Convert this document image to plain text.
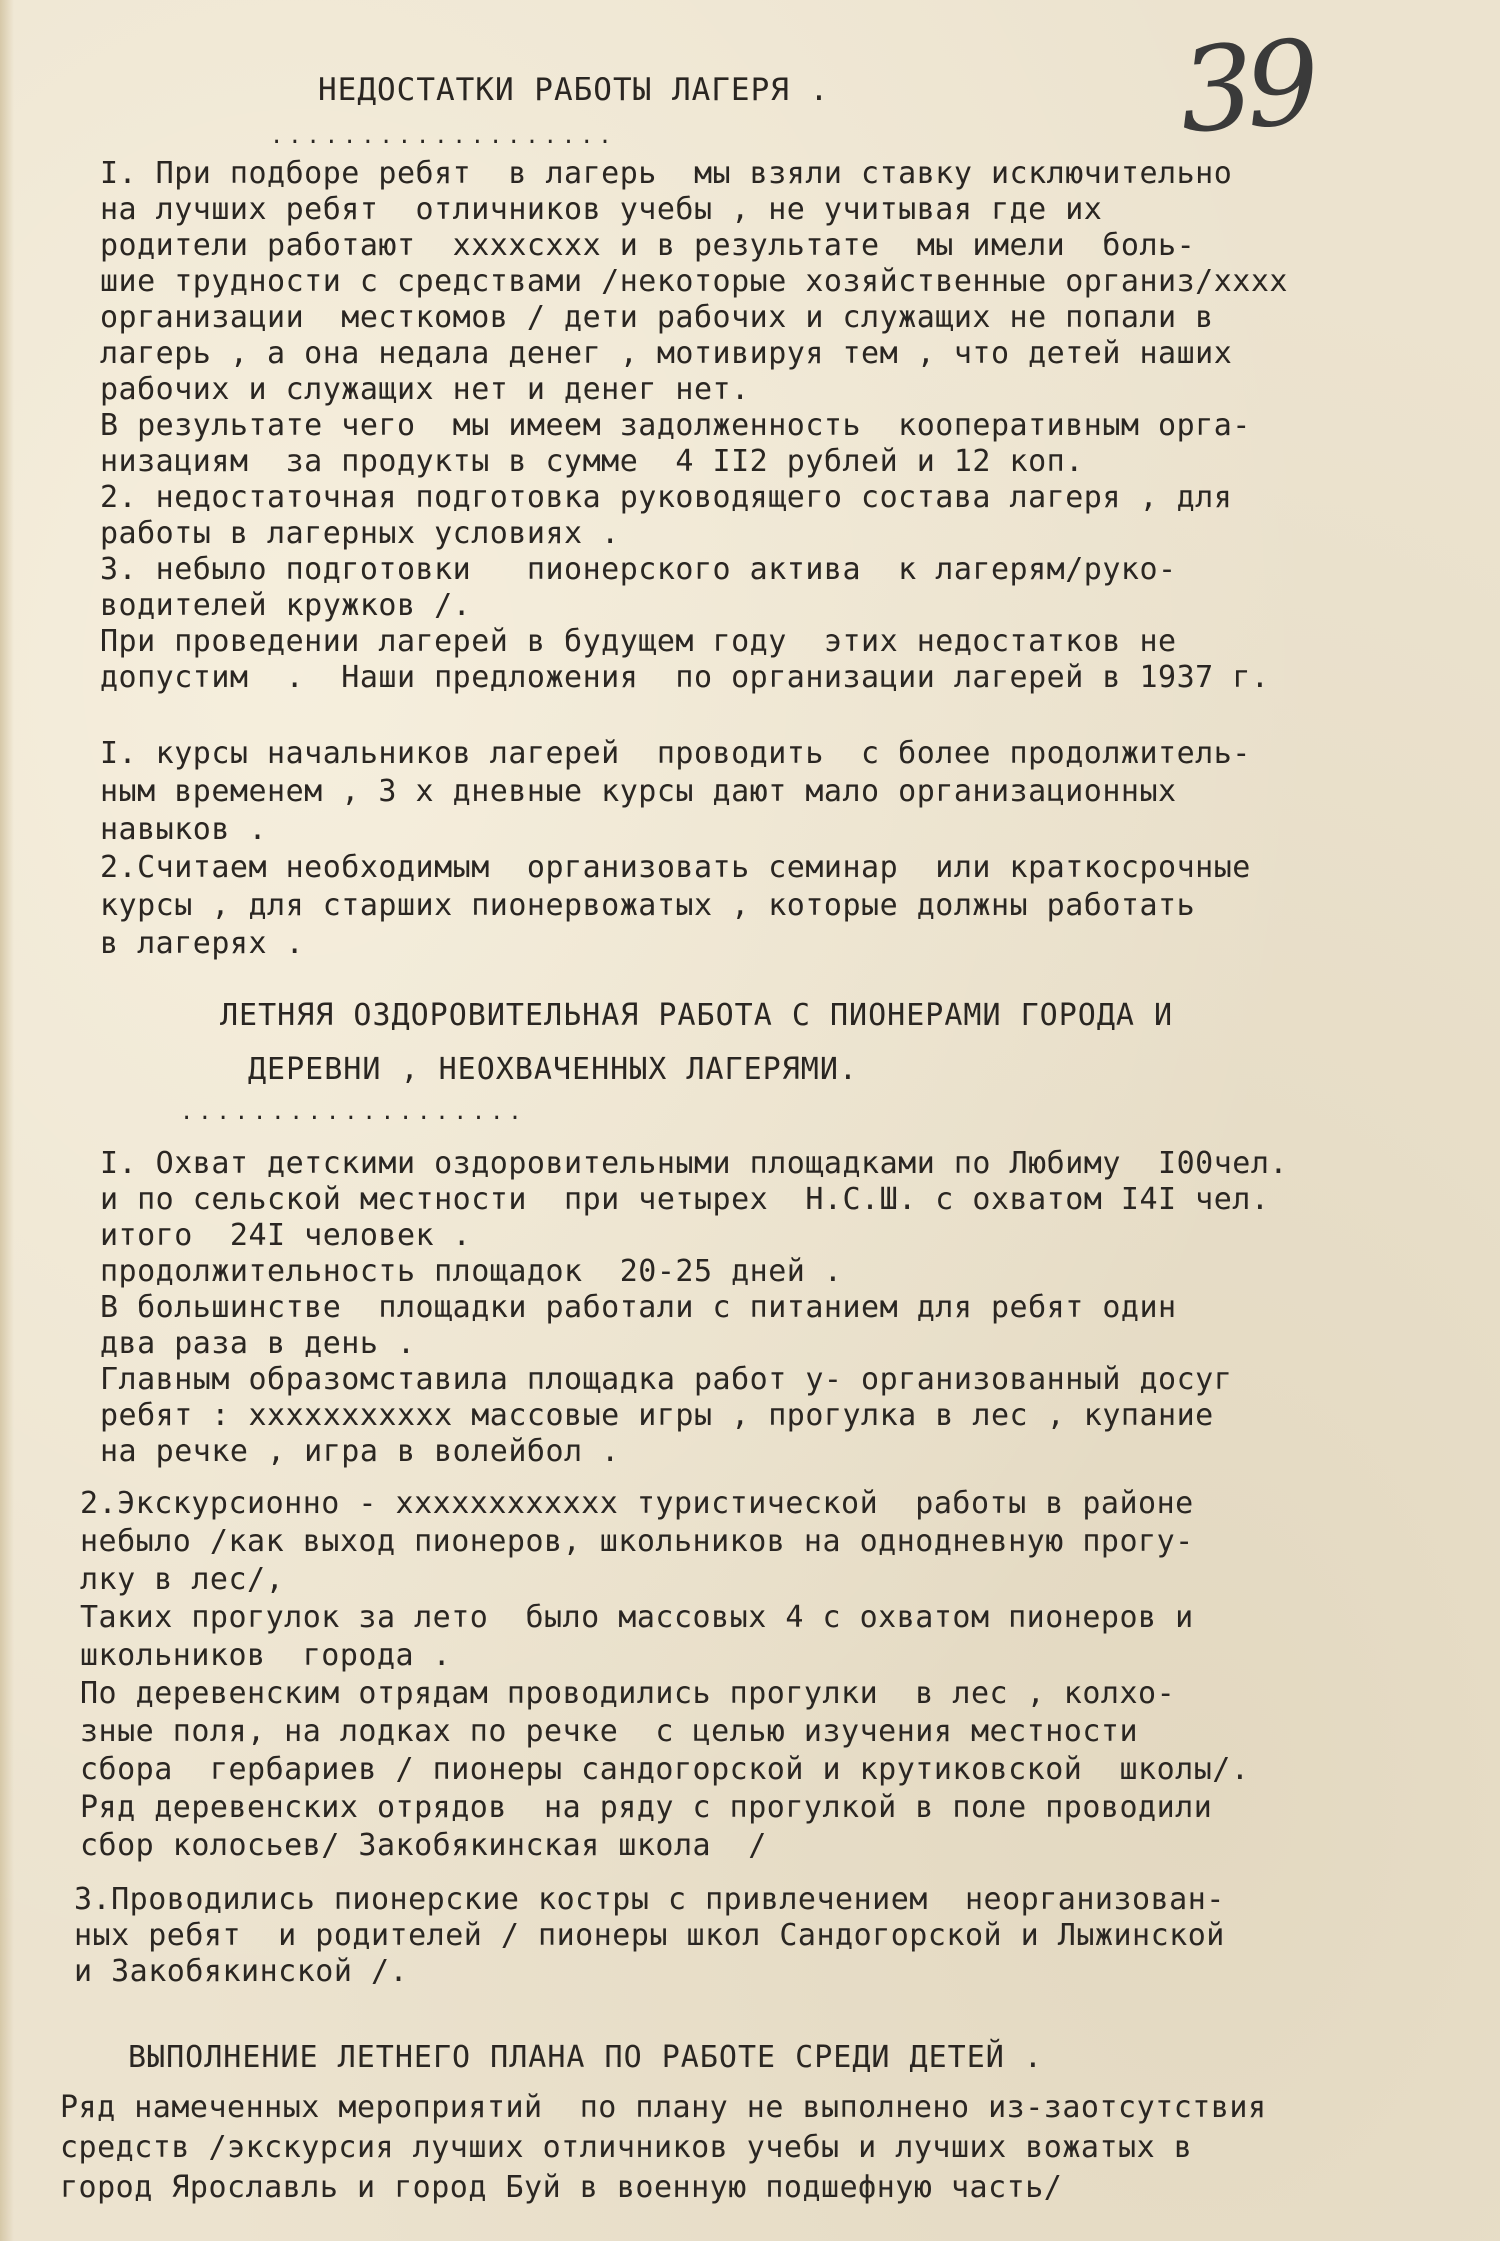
39
НЕДОСТАТКИ РАБОТЫ ЛАГЕРЯ .
...................
I. При подборе ребят  в лагерь  мы взяли ставку исключительно
на лучших ребят  отличников учебы , не учитывая где их
родители работают  ххххсххх и в результате  мы имели  боль-
шие трудности с средствами /некоторые хозяйственные организ/хххх
организации  месткомов / дети рабочих и служащих не попали в
лагерь , а она недала денег , мотивируя тем , что детей наших
рабочих и служащих нет и денег нет.
В результате чего  мы имеем задолженность  кооперативным орга-
низациям  за продукты в сумме  4 II2 рублей и 12 коп.
2. недостаточная подготовка руководящего состава лагеря , для
работы в лагерных условиях .
3. небыло подготовки   пионерского актива  к лагерям/руко-
водителей кружков /.
При проведении лагерей в будущем году  этих недостатков не
допустим  .  Наши предложения  по организации лагерей в 1937 г.
I. курсы начальников лагерей  проводить  с более продолжитель-
ным временем , 3 х дневные курсы дают мало организационных
навыков .
2.Считаем необходимым  организовать семинар  или краткосрочные
курсы , для старших пионервожатых , которые должны работать
в лагерях .
ЛЕТНЯЯ ОЗДОРОВИТЕЛЬНАЯ РАБОТА С ПИОНЕРАМИ ГОРОДА И
ДЕРЕВНИ , НЕОХВАЧЕННЫХ ЛАГЕРЯМИ.
...................
I. Охват детскими оздоровительными площадками по Любиму  I00чел.
и по сельской местности  при четырех  Н.С.Ш. с охватом I4I чел.
итого  24I человек .
продолжительность площадок  20-25 дней .
В большинстве  площадки работали с питанием для ребят один
два раза в день .
Главным образомставила площадка работ у- организованный досуг
ребят : ххххххххххх массовые игры , прогулка в лес , купание
на речке , игра в волейбол .
2.Экскурсионно - хххххххххххх туристической  работы в районе
небыло /как выход пионеров, школьников на однодневную прогу-
лку в лес/,
Таких прогулок за лето  было массовых 4 с охватом пионеров и
школьников  города .
По деревенским отрядам проводились прогулки  в лес , колхо-
зные поля, на лодках по речке  с целью изучения местности
сбора  гербариев / пионеры сандогорской и крутиковской  школы/.
Ряд деревенских отрядов  на ряду с прогулкой в поле проводили
сбор колосьев/ Закобякинская школа  /
3.Проводились пионерские костры с привлечением  неорганизован-
ных ребят  и родителей / пионеры школ Сандогорской и Лыжинской
и Закобякинской /.
ВЫПОЛНЕНИЕ ЛЕТНЕГО ПЛАНА ПО РАБОТЕ СРЕДИ ДЕТЕЙ .
Ряд намеченных мероприятий  по плану не выполнено из-заотсутствия
средств /экскурсия лучших отличников учебы и лучших вожатых в
город Ярославль и город Буй в военную подшефную часть/
